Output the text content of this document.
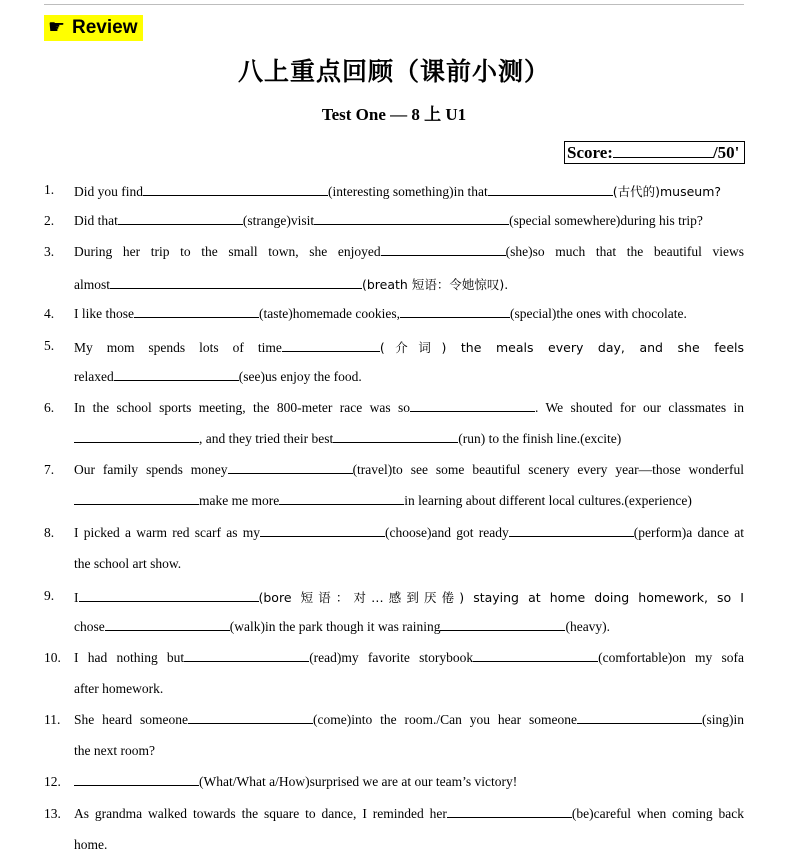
☛ Review
八上重点回顾（课前小测）
Test One — 8 上 U1
Score:	/50'
1.	Did you find	(interesting something)in that	(古代的)museum?
2.	Did that	(strange)visit	(special somewhere)during his trip?
3.	During her trip to the small town, she enjoyed	(she)so much that the beautiful views
almost	(breath 短语：令她惊叹).
4.	I like those	(taste)homemade cookies,	(special)the ones with chocolate.
5.	My mom spends lots of time	(介词) the meals every day, and she feels
relaxed	(see)us enjoy the food.
6.	In the school sports meeting, the 800-meter race was so	. We shouted for our classmates in
, and they tried their best	(run) to the finish line.(excite)
7.	Our family spends money	(travel)to see some beautiful scenery every year—those wonderful
make me more	in learning about different local cultures.(experience)
8.	I picked a warm red scarf as my	(choose)and got ready	(perform)a dance at
the school art show.
9.	I	(bore 短语：对…感到厌倦) staying at home doing homework, so I
chose	(walk)in the park though it was raining	(heavy).
10. I had nothing but	(read)my favorite storybook	(comfortable)on my sofa
after homework.
11.	She heard someone	(come)into the room./Can you hear someone	(sing)in
the next room?
12.	(What/What a/How)surprised we are at our team’s victory!
13. As grandma walked towards the square to dance, I reminded her	(be)careful when coming back
home.
